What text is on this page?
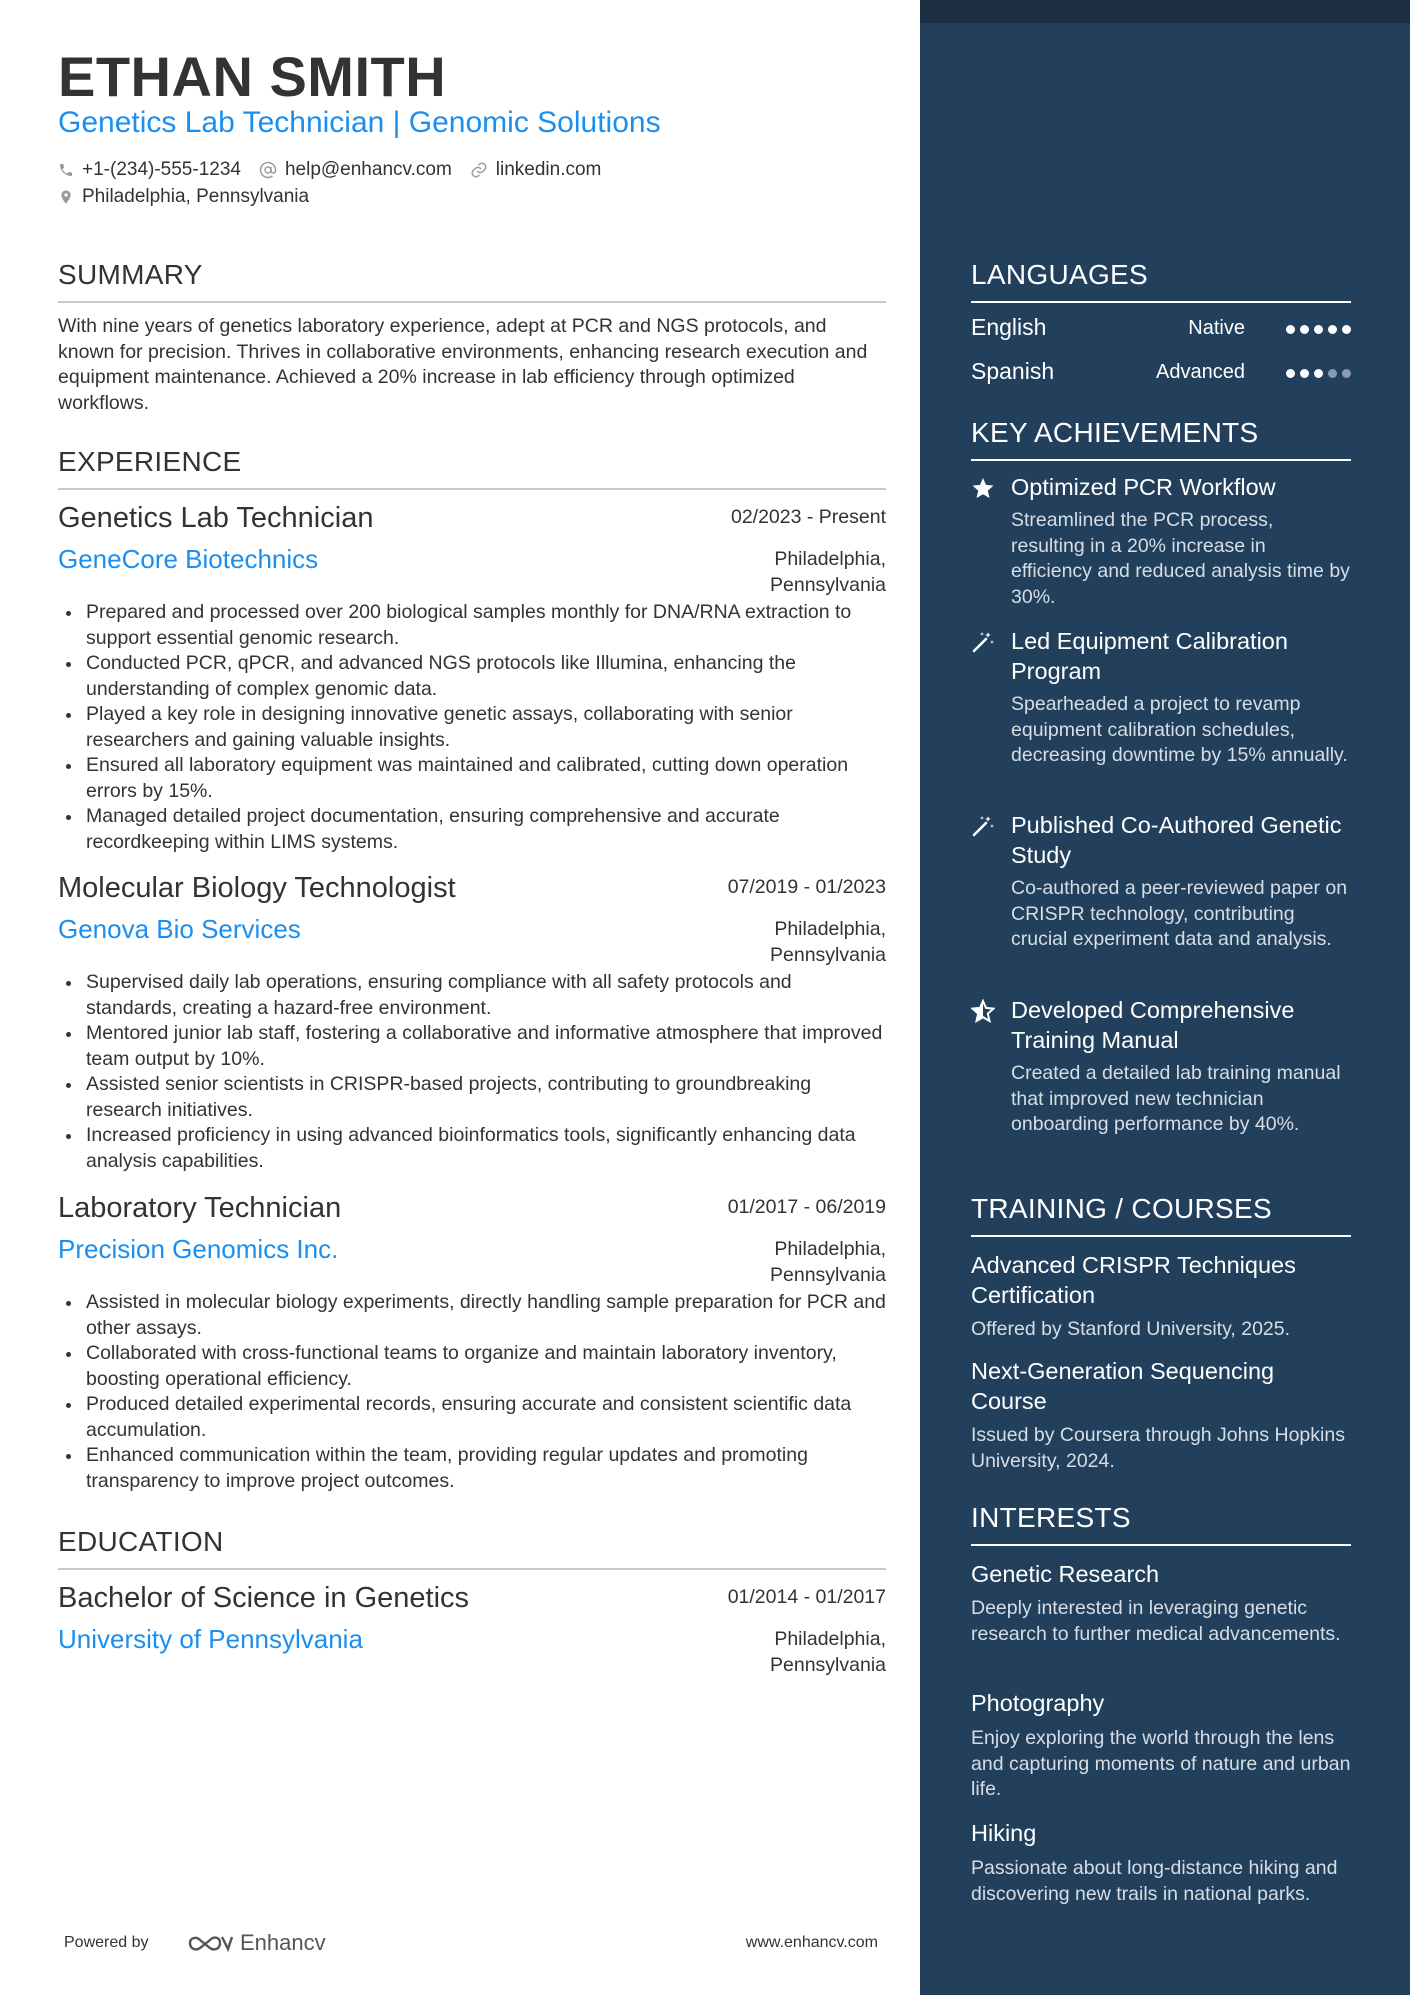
ETHAN SMITH
Genetics Lab Technician | Genomic Solutions
+1-(234)-555-1234 help@enhancv.com linkedin.com
Philadelphia, Pennsylvania
SUMMARY
With nine years of genetics laboratory experience, adept at PCR and NGS protocols, and known for precision. Thrives in collaborative environments, enhancing research execution and equipment maintenance. Achieved a 20% increase in lab efficiency through optimized workflows.
EXPERIENCE
Genetics Lab Technician	02/2023 - Present
GeneCore Biotechnics	Philadelphia, Pennsylvania
Prepared and processed over 200 biological samples monthly for DNA/RNA extraction to support essential genomic research.
Conducted PCR, qPCR, and advanced NGS protocols like Illumina, enhancing the understanding of complex genomic data.
Played a key role in designing innovative genetic assays, collaborating with senior researchers and gaining valuable insights.
Ensured all laboratory equipment was maintained and calibrated, cutting down operation errors by 15%.
Managed detailed project documentation, ensuring comprehensive and accurate recordkeeping within LIMS systems.
Molecular Biology Technologist	07/2019 - 01/2023
Genova Bio Services	Philadelphia, Pennsylvania
Supervised daily lab operations, ensuring compliance with all safety protocols and standards, creating a hazard-free environment.
Mentored junior lab staff, fostering a collaborative and informative atmosphere that improved team output by 10%.
Assisted senior scientists in CRISPR-based projects, contributing to groundbreaking research initiatives.
Increased proficiency in using advanced bioinformatics tools, significantly enhancing data analysis capabilities.
Laboratory Technician	01/2017 - 06/2019
Precision Genomics Inc.	Philadelphia, Pennsylvania
Assisted in molecular biology experiments, directly handling sample preparation for PCR and other assays.
Collaborated with cross-functional teams to organize and maintain laboratory inventory, boosting operational efficiency.
Produced detailed experimental records, ensuring accurate and consistent scientific data accumulation.
Enhanced communication within the team, providing regular updates and promoting transparency to improve project outcomes.
EDUCATION
Bachelor of Science in Genetics	01/2014 - 01/2017
University of Pennsylvania	Philadelphia, Pennsylvania
Powered by	Enhancv	www.enhancv.com
LANGUAGES
English	Native
Spanish	Advanced
KEY ACHIEVEMENTS
Optimized PCR Workflow
Streamlined the PCR process, resulting in a 20% increase in efficiency and reduced analysis time by 30%.
Led Equipment Calibration Program
Spearheaded a project to revamp equipment calibration schedules, decreasing downtime by 15% annually.
Published Co-Authored Genetic Study
Co-authored a peer-reviewed paper on CRISPR technology, contributing crucial experiment data and analysis.
Developed Comprehensive Training Manual
Created a detailed lab training manual that improved new technician onboarding performance by 40%.
TRAINING / COURSES
Advanced CRISPR Techniques Certification
Offered by Stanford University, 2025.
Next-Generation Sequencing Course
Issued by Coursera through Johns Hopkins University, 2024.
INTERESTS
Genetic Research
Deeply interested in leveraging genetic research to further medical advancements.
Photography
Enjoy exploring the world through the lens and capturing moments of nature and urban life.
Hiking
Passionate about long-distance hiking and discovering new trails in national parks.
